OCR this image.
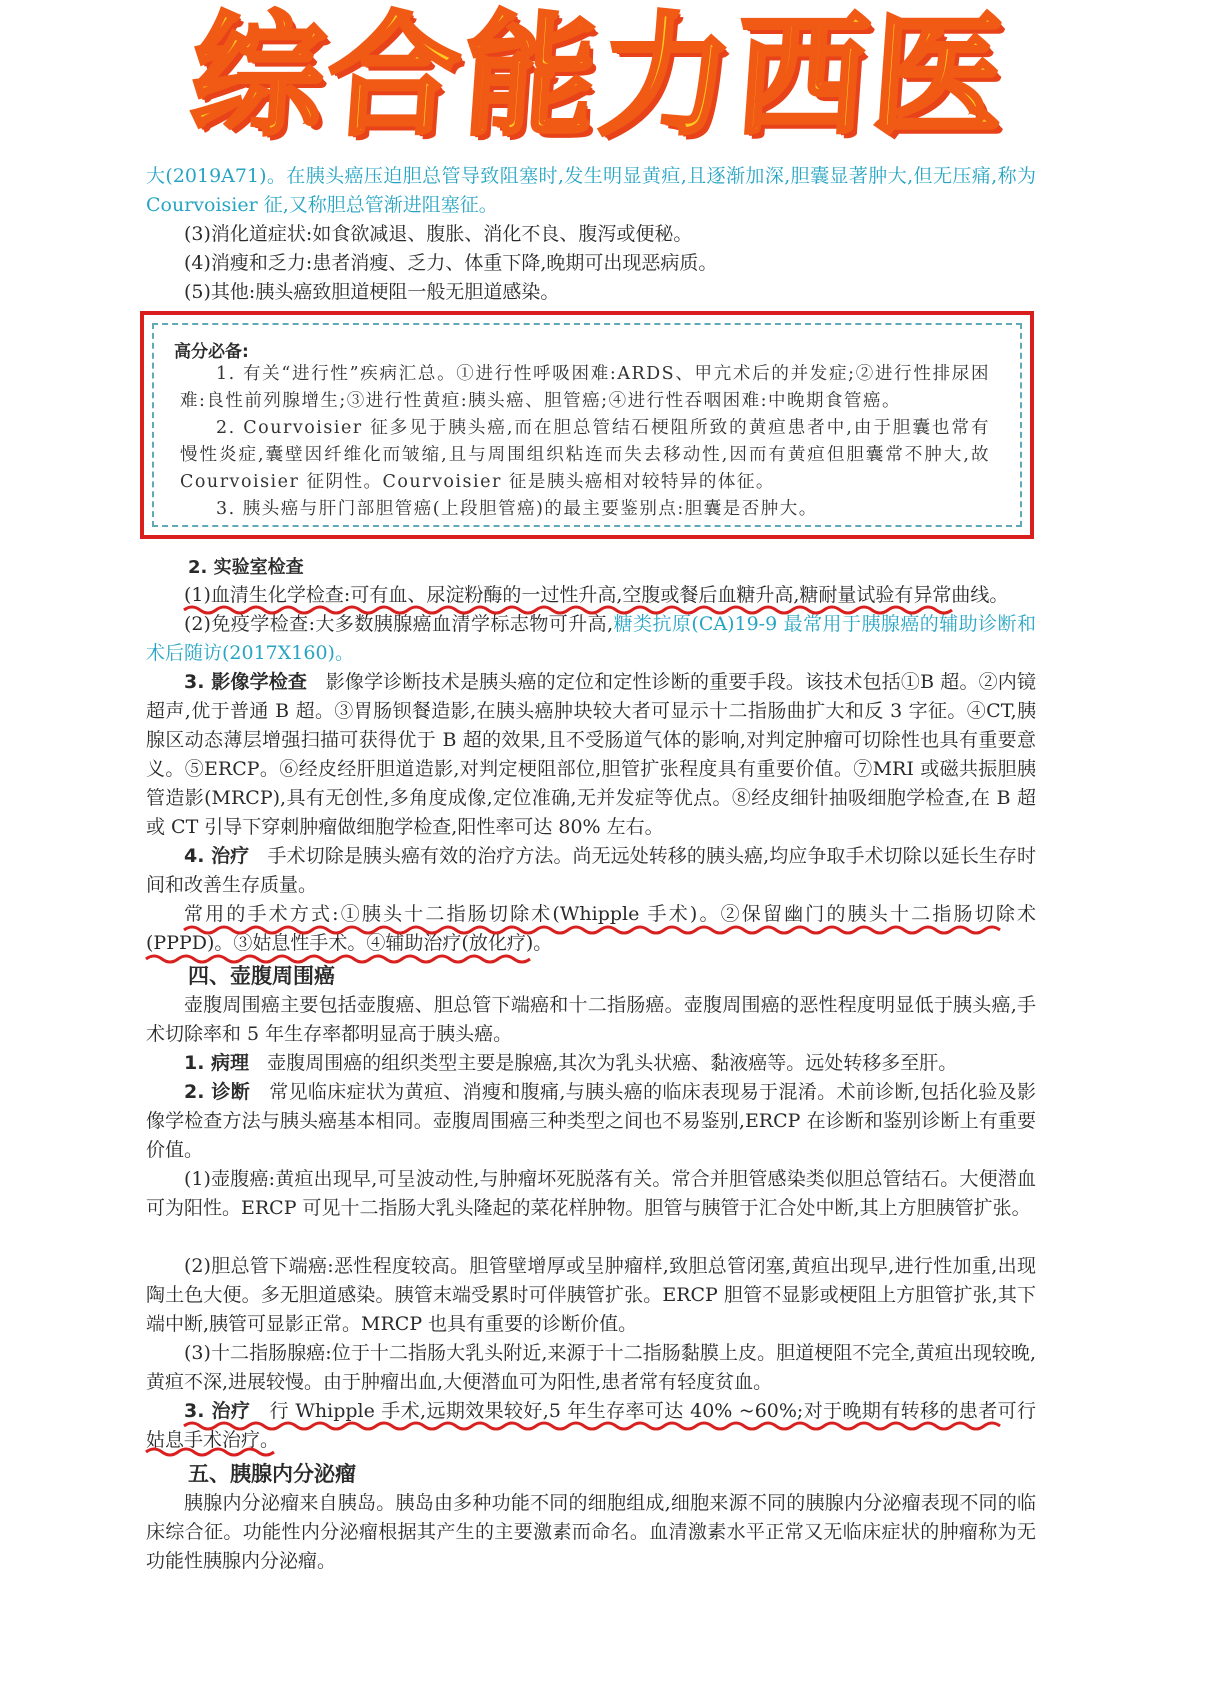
综合能力西医

大(2019A71)。在胰头癌压迫胆总管导致阻塞时,发生明显黄疸,且逐渐加深,胆囊显著肿大,但无压痛,称为 Courvoisier 征,又称胆总管渐进阻塞征。

(3)消化道症状:如食欲减退、腹胀、消化不良、腹泻或便秘。

(4)消瘦和乏力:患者消瘦、乏力、体重下降,晚期可出现恶病质。

(5)其他:胰头癌致胆道梗阻一般无胆道感染。

高分必备:

1. 有关“进行性”疾病汇总。①进行性呼吸困难:ARDS、甲亢术后的并发症;②进行性排尿困难:良性前列腺增生;③进行性黄疸:胰头癌、胆管癌;④进行性吞咽困难:中晚期食管癌。

2. Courvoisier 征多见于胰头癌,而在胆总管结石梗阻所致的黄疸患者中,由于胆囊也常有慢性炎症,囊壁因纤维化而皱缩,且与周围组织粘连而失去移动性,因而有黄疸但胆囊常不肿大,故 Courvoisier 征阴性。Courvoisier 征是胰头癌相对较特异的体征。

3. 胰头癌与肝门部胆管癌(上段胆管癌)的最主要鉴别点:胆囊是否肿大。

2. 实验室检查

(1)血清生化学检查:可有血、尿淀粉酶的一过性升高,空腹或餐后血糖升高,糖耐量试验有异常曲线。

(2)免疫学检查:大多数胰腺癌血清学标志物可升高,糖类抗原(CA)19-9 最常用于胰腺癌的辅助诊断和术后随访(2017X160)。

3. 影像学检查 影像学诊断技术是胰头癌的定位和定性诊断的重要手段。该技术包括①B 超。②内镜超声,优于普通 B 超。③胃肠钡餐造影,在胰头癌肿块较大者可显示十二指肠曲扩大和反 3 字征。④CT,胰腺区动态薄层增强扫描可获得优于 B 超的效果,且不受肠道气体的影响,对判定肿瘤可切除性也具有重要意义。⑤ERCP。⑥经皮经肝胆道造影,对判定梗阻部位,胆管扩张程度具有重要价值。⑦MRI 或磁共振胆胰管造影(MRCP),具有无创性,多角度成像,定位准确,无并发症等优点。⑧经皮细针抽吸细胞学检查,在 B 超或 CT 引导下穿刺肿瘤做细胞学检查,阳性率可达 80% 左右。

4. 治疗 手术切除是胰头癌有效的治疗方法。尚无远处转移的胰头癌,均应争取手术切除以延长生存时间和改善生存质量。

常用的手术方式:①胰头十二指肠切除术(Whipple 手术)。②保留幽门的胰头十二指肠切除术(PPPD)。③姑息性手术。④辅助治疗(放化疗)。

四、壶腹周围癌

壶腹周围癌主要包括壶腹癌、胆总管下端癌和十二指肠癌。壶腹周围癌的恶性程度明显低于胰头癌,手术切除率和 5 年生存率都明显高于胰头癌。

1. 病理 壶腹周围癌的组织类型主要是腺癌,其次为乳头状癌、黏液癌等。远处转移多至肝。

2. 诊断 常见临床症状为黄疸、消瘦和腹痛,与胰头癌的临床表现易于混淆。术前诊断,包括化验及影像学检查方法与胰头癌基本相同。壶腹周围癌三种类型之间也不易鉴别,ERCP 在诊断和鉴别诊断上有重要价值。

(1)壶腹癌:黄疸出现早,可呈波动性,与肿瘤坏死脱落有关。常合并胆管感染类似胆总管结石。大便潜血可为阳性。ERCP 可见十二指肠大乳头隆起的菜花样肿物。胆管与胰管于汇合处中断,其上方胆胰管扩张。

(2)胆总管下端癌:恶性程度较高。胆管壁增厚或呈肿瘤样,致胆总管闭塞,黄疸出现早,进行性加重,出现陶土色大便。多无胆道感染。胰管末端受累时可伴胰管扩张。ERCP 胆管不显影或梗阻上方胆管扩张,其下端中断,胰管可显影正常。MRCP 也具有重要的诊断价值。

(3)十二指肠腺癌:位于十二指肠大乳头附近,来源于十二指肠黏膜上皮。胆道梗阻不完全,黄疸出现较晚,黄疸不深,进展较慢。由于肿瘤出血,大便潜血可为阳性,患者常有轻度贫血。

3. 治疗 行 Whipple 手术,远期效果较好,5 年生存率可达 40% ~60%;对于晚期有转移的患者可行姑息手术治疗。

五、胰腺内分泌瘤

胰腺内分泌瘤来自胰岛。胰岛由多种功能不同的细胞组成,细胞来源不同的胰腺内分泌瘤表现不同的临床综合征。功能性内分泌瘤根据其产生的主要激素而命名。血清激素水平正常又无临床症状的肿瘤称为无功能性胰腺内分泌瘤。
